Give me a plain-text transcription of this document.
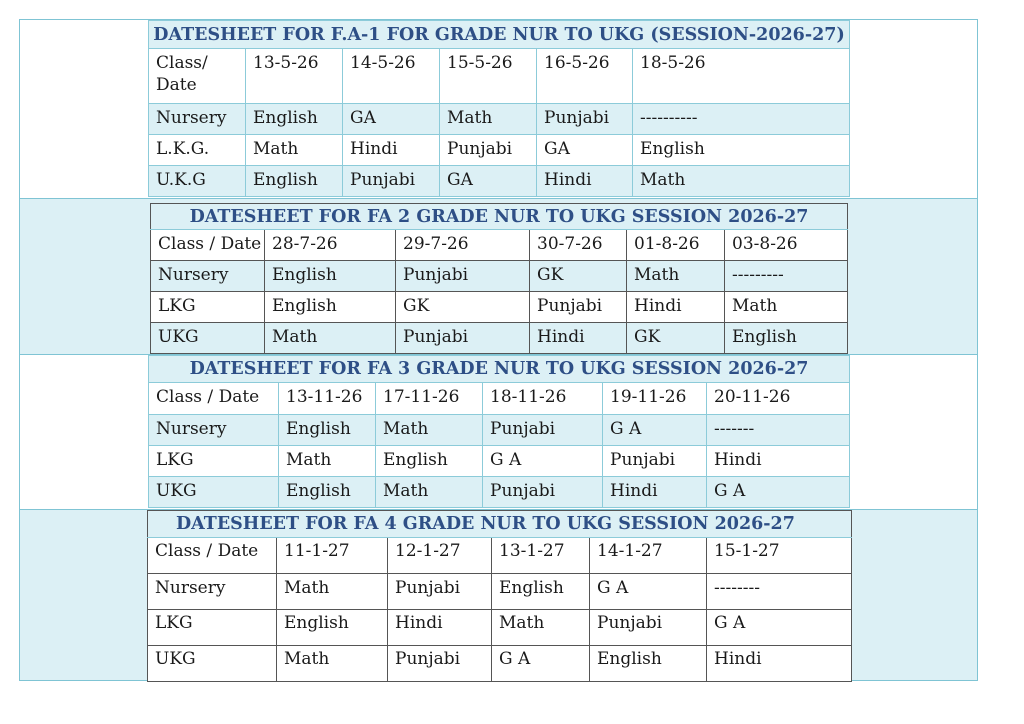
DATESHEET FOR F.A-1 FOR GRADE NUR TO UKG (SESSION-2026-27)					
Class/ Date	13-5-26	14-5-26	15-5-26	16-5-26	18-5-26
Nursery	English	GA	Math	Punjabi	----------
L.K.G.	Math	Hindi	Punjabi	GA	English
U.K.G	English	Punjabi	GA	Hindi	Math
DATESHEET FOR FA 2 GRADE NUR TO UKG SESSION 2026-27					
Class / Date	28-7-26	29-7-26	30-7-26	01-8-26	03-8-26
Nursery	English	Punjabi	GK	Math	---------
LKG	English	GK	Punjabi	Hindi	Math
UKG	Math	Punjabi	Hindi	GK	English
DATESHEET FOR FA 3 GRADE NUR TO UKG SESSION 2026-27					
Class / Date	13-11-26	17-11-26	18-11-26	19-11-26	20-11-26
Nursery	English	Math	Punjabi	G A	-------
LKG	Math	English	G A	Punjabi	Hindi
UKG	English	Math	Punjabi	Hindi	G A
DATESHEET FOR FA 4 GRADE NUR TO UKG SESSION 2026-27					
Class / Date	11-1-27	12-1-27	13-1-27	14-1-27	15-1-27
Nursery	Math	Punjabi	English	G A	--------
LKG	English	Hindi	Math	Punjabi	G A
UKG	Math	Punjabi	G A	English	Hindi
